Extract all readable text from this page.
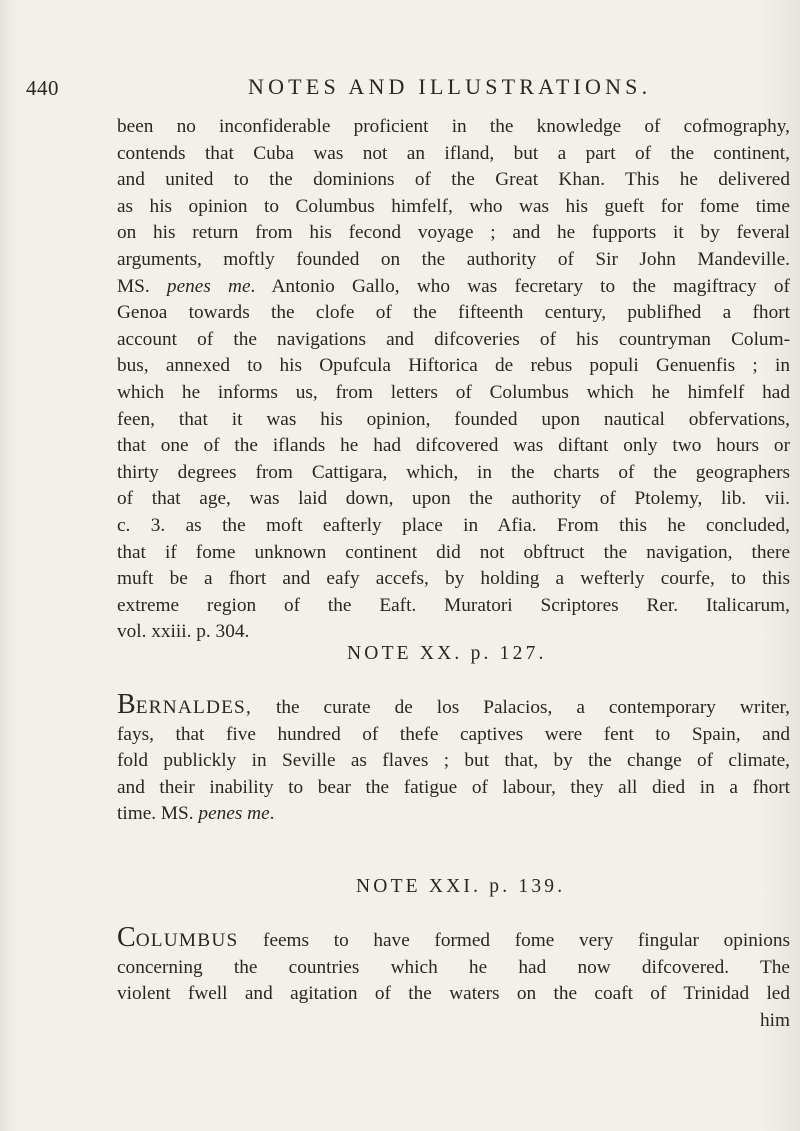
440	NOTES AND ILLUSTRATIONS.
been no inconfiderable proficient in the knowledge of cofmography,
contends that Cuba was not an ifland, but a part of the continent,
and united to the dominions of the Great Khan. This he delivered
as his opinion to Columbus himfelf, who was his gueft for fome time
on his return from his fecond voyage ; and he fupports it by feveral
arguments, moftly founded on the authority of Sir John Mandeville.
MS. penes me. Antonio Gallo, who was fecretary to the magiftracy of
Genoa towards the clofe of the fifteenth century, publifhed a fhort
account of the navigations and difcoveries of his countryman Colum-
bus, annexed to his Opufcula Hiftorica de rebus populi Genuenfis ; in
which he informs us, from letters of Columbus which he himfelf had
feen, that it was his opinion, founded upon nautical obfervations,
that one of the iflands he had difcovered was diftant only two hours or
thirty degrees from Cattigara, which, in the charts of the geographers
of that age, was laid down, upon the authority of Ptolemy, lib. vii.
c. 3. as the moft eafterly place in Afia. From this he concluded,
that if fome unknown continent did not obftruct the navigation, there
muft be a fhort and eafy accefs, by holding a wefterly courfe, to this
extreme region of the Eaft. Muratori Scriptores Rer. Italicarum,
vol. xxiii. p. 304.
NOTE XX. p. 127.
BERNALDES, the curate de los Palacios, a contemporary writer,
fays, that five hundred of thefe captives were fent to Spain, and
fold publickly in Seville as flaves ; but that, by the change of climate,
and their inability to bear the fatigue of labour, they all died in a fhort
time. MS. penes me.
NOTE XXI. p. 139.
COLUMBUS feems to have formed fome very fingular opinions
concerning the countries which he had now difcovered. The
violent fwell and agitation of the waters on the coaft of Trinidad led
him
